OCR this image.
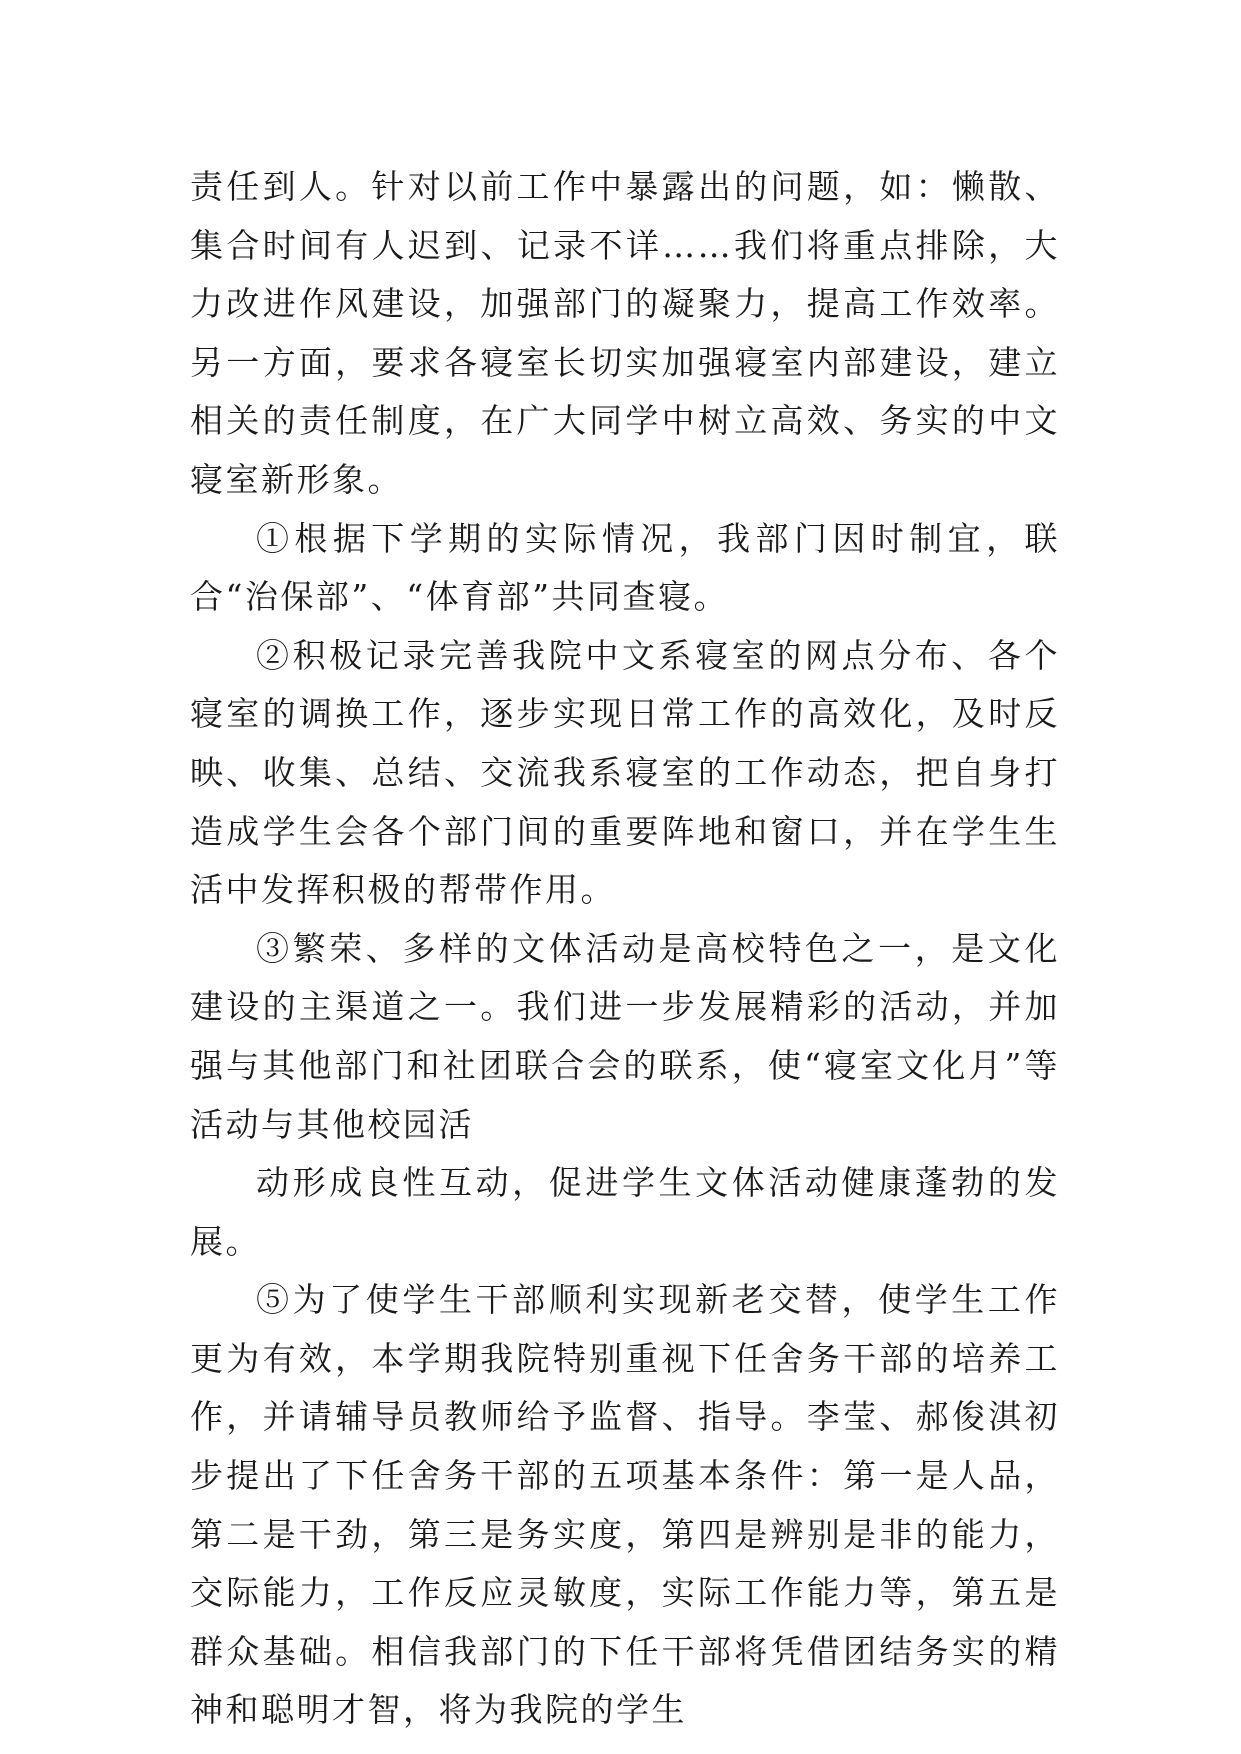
责任到人。针对以前工作中暴露出的问题，如：懒散、集合时间有人迟到、记录不详……我们将重点排除，大力改进作风建设，加强部门的凝聚力，提高工作效率。另一方面，要求各寝室长切实加强寝室内部建设，建立相关的责任制度，在广大同学中树立高效、务实的中文寝室新形象。

①根据下学期的实际情况，我部门因时制宜，联合“治保部”、“体育部”共同查寝。

②积极记录完善我院中文系寝室的网点分布、各个寝室的调换工作，逐步实现日常工作的高效化，及时反映、收集、总结、交流我系寝室的工作动态，把自身打造成学生会各个部门间的重要阵地和窗口，并在学生生活中发挥积极的帮带作用。

③繁荣、多样的文体活动是高校特色之一，是文化建设的主渠道之一。我们进一步发展精彩的活动，并加强与其他部门和社团联合会的联系，使“寝室文化月”等活动与其他校园活

动形成良性互动，促进学生文体活动健康蓬勃的发展。

⑤为了使学生干部顺利实现新老交替，使学生工作更为有效，本学期我院特别重视下任舍务干部的培养工作，并请辅导员教师给予监督、指导。李莹、郝俊淇初步提出了下任舍务干部的五项基本条件：第一是人品，第二是干劲，第三是务实度，第四是辨别是非的能力，交际能力，工作反应灵敏度，实际工作能力等，第五是群众基础。相信我部门的下任干部将凭借团结务实的精神和聪明才智，将为我院的学生
